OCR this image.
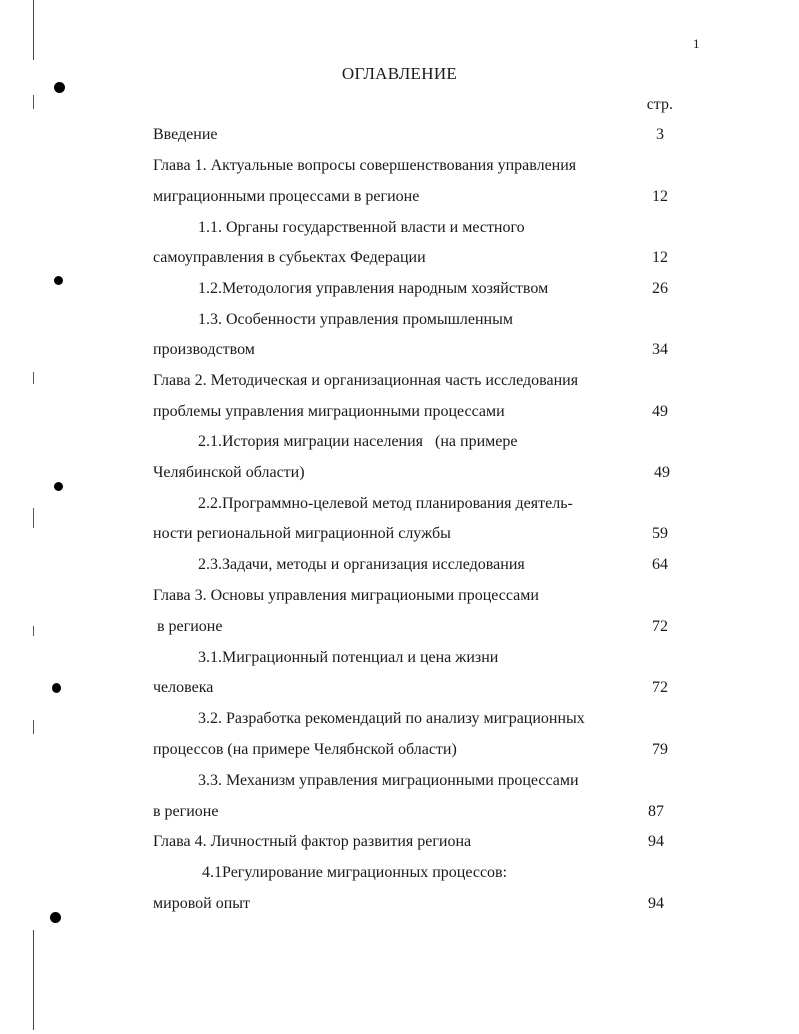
1
ОГЛАВЛЕНИЕ
стр.
Введение	3
Глава 1. Актуальные вопросы совершенствования управления
миграционными процессами в регионе	12
1.1. Органы государственной власти и местного
самоуправления в субьектах Федерации	12
1.2.Методология управления народным хозяйством	26
1.3. Особенности управления промышленным
производством	34
Глава 2. Методическая и организационная часть исследования
проблемы управления миграционными процессами	49
2.1.История миграции населения   (на примере
Челябинской области)	49
2.2.Программно-целевой метод планирования деятель-
ности региональной миграционной службы	59
2.3.Задачи, методы и организация исследования	64
Глава 3. Основы управления миграциоными процессами
в регионе	72
3.1.Миграционный потенциал и цена жизни
человека	72
3.2. Разработка рекомендаций по анализу миграционных
процессов (на примере Челябнской области)	79
3.3. Механизм управления миграционными процессами
в регионе	87
Глава 4. Личностный фактор развития региона	94
4.1Регулирование миграционных процессов:
мировой опыт	94
